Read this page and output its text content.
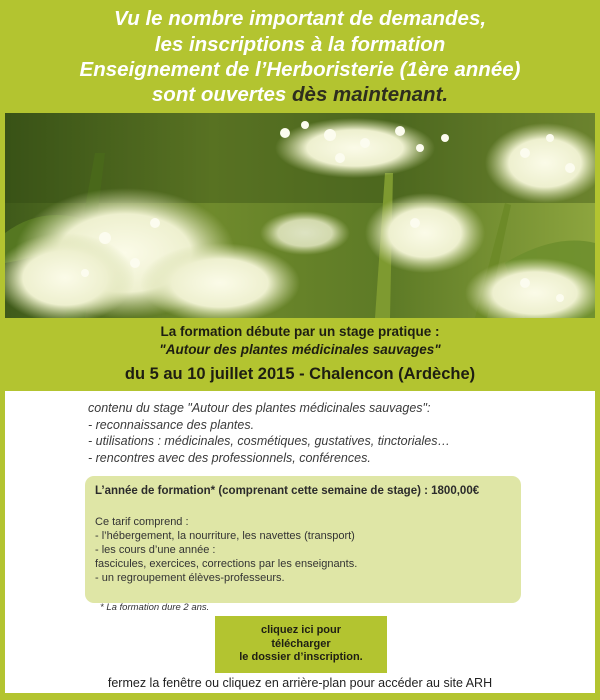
Vu le nombre important de demandes,
les inscriptions à la formation
Enseignement de l’Herboristerie (1ère année)
sont ouvertes dès maintenant.
La formation débute par un stage pratique :
"Autour des plantes médicinales sauvages"
du 5 au 10 juillet 2015 - Chalencon (Ardèche)
contenu du stage "Autour des plantes médicinales sauvages":
- reconnaissance des plantes.
- utilisations : médicinales, cosmétiques, gustatives, tinctoriales…
- rencontres avec des professionnels, conférences.
L’année de formation* (comprenant cette semaine de stage) : 1800,00€
Ce tarif comprend :
- l’hébergement, la nourriture, les navettes (transport)
- les cours d’une année :
fascicules, exercices, corrections par les enseignants.
- un regroupement élèves-professeurs.
* La formation dure 2 ans.
cliquez ici pour
télécharger
le dossier d’inscription.
fermez la fenêtre ou cliquez en arrière-plan pour accéder au site ARH
